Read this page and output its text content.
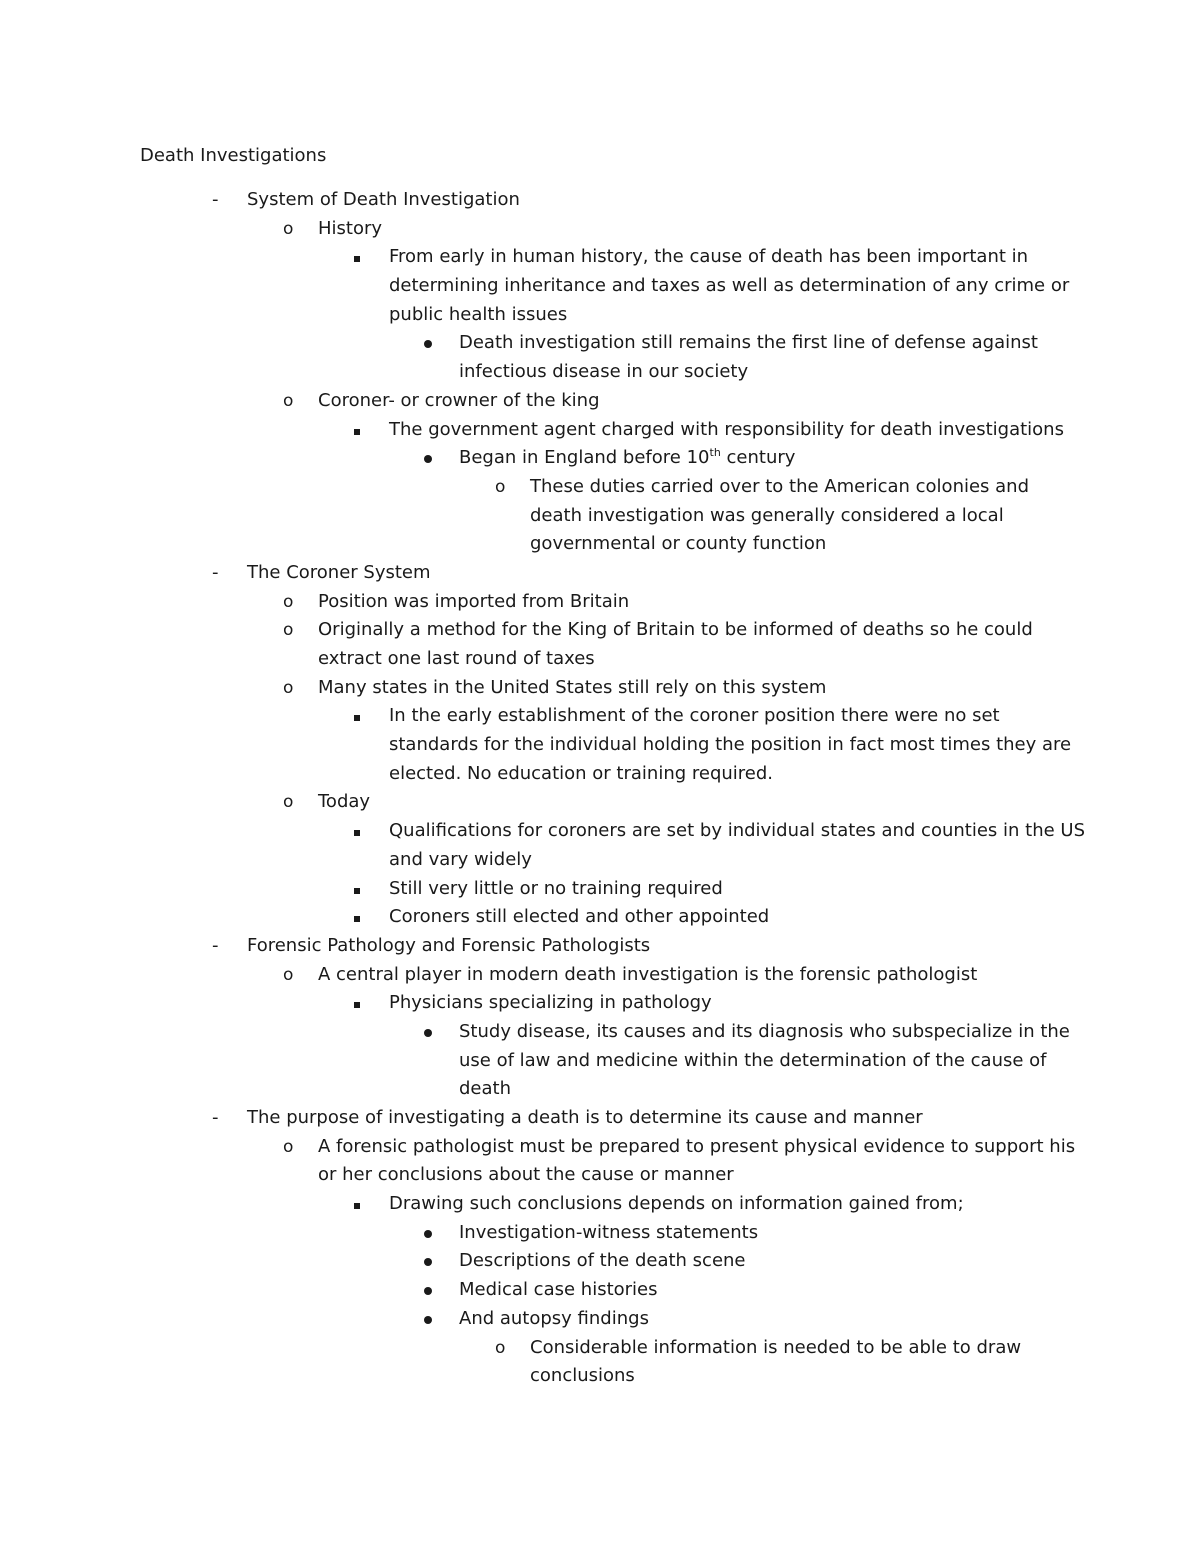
Death Investigations
-	System of Death Investigation
o	History
From early in human history, the cause of death has been important in
determining inheritance and taxes as well as determination of any crime or
public health issues
Death investigation still remains the first line of defense against
infectious disease in our society
o	Coroner- or crowner of the king
The government agent charged with responsibility for death investigations
Began in England before 10th century
o	These duties carried over to the American colonies and
death investigation was generally considered a local
governmental or county function
-	The Coroner System
o	Position was imported from Britain
o	Originally a method for the King of Britain to be informed of deaths so he could
extract one last round of taxes
o	Many states in the United States still rely on this system
In the early establishment of the coroner position there were no set
standards for the individual holding the position in fact most times they are
elected. No education or training required.
o	Today
Qualifications for coroners are set by individual states and counties in the US
and vary widely
Still very little or no training required
Coroners still elected and other appointed
-	Forensic Pathology and Forensic Pathologists
o	A central player in modern death investigation is the forensic pathologist
Physicians specializing in pathology
Study disease, its causes and its diagnosis who subspecialize in the
use of law and medicine within the determination of the cause of
death
-	The purpose of investigating a death is to determine its cause and manner
o	A forensic pathologist must be prepared to present physical evidence to support his
or her conclusions about the cause or manner
Drawing such conclusions depends on information gained from;
Investigation-witness statements
Descriptions of the death scene
Medical case histories
And autopsy findings
o	Considerable information is needed to be able to draw
conclusions
